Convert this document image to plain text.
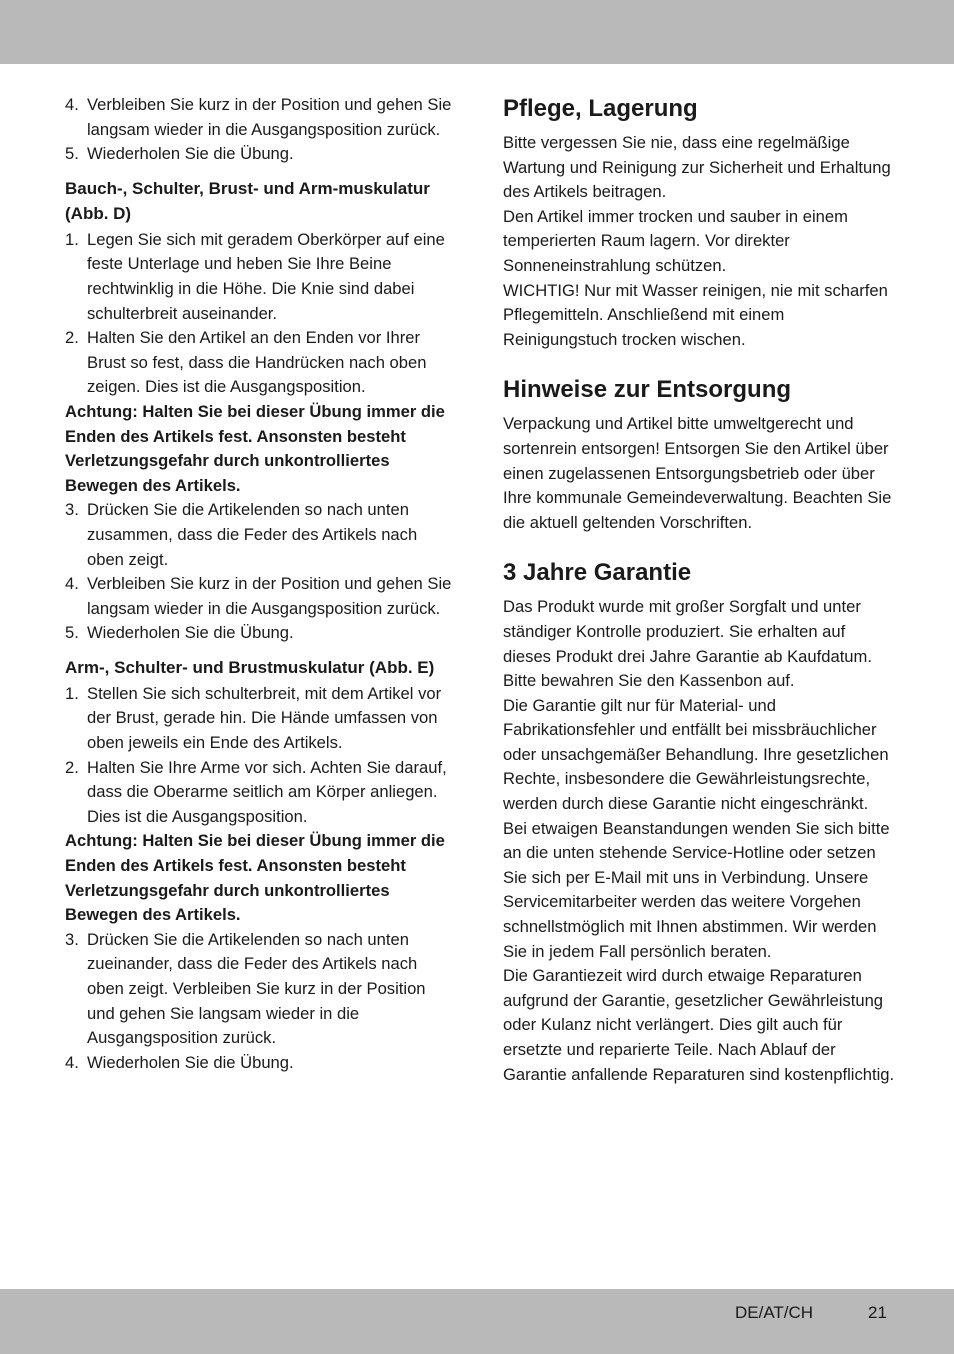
4. Verbleiben Sie kurz in der Position und gehen Sie langsam wieder in die Ausgangsposition zurück.
5. Wiederholen Sie die Übung.
Bauch-, Schulter, Brust- und Arm-muskulatur (Abb. D)
1. Legen Sie sich mit geradem Oberkörper auf eine feste Unterlage und heben Sie Ihre Beine rechtwinklig in die Höhe. Die Knie sind dabei schulterbreit auseinander.
2. Halten Sie den Artikel an den Enden vor Ihrer Brust so fest, dass die Handrücken nach oben zeigen. Dies ist die Ausgangsposition.

Achtung: Halten Sie bei dieser Übung immer die Enden des Artikels fest. Ansonsten besteht Verletzungsgefahr durch unkontrolliertes Bewegen des Artikels.

3. Drücken Sie die Artikelenden so nach unten zusammen, dass die Feder des Artikels nach oben zeigt.
4. Verbleiben Sie kurz in der Position und gehen Sie langsam wieder in die Ausgangsposition zurück.
5. Wiederholen Sie die Übung.
Arm-, Schulter- und Brustmuskulatur (Abb. E)
1. Stellen Sie sich schulterbreit, mit dem Artikel vor der Brust, gerade hin. Die Hände umfassen von oben jeweils ein Ende des Artikels.
2. Halten Sie Ihre Arme vor sich. Achten Sie darauf, dass die Oberarme seitlich am Körper anliegen. Dies ist die Ausgangsposition.

Achtung: Halten Sie bei dieser Übung immer die Enden des Artikels fest. Ansonsten besteht Verletzungsgefahr durch unkontrolliertes Bewegen des Artikels.

3. Drücken Sie die Artikelenden so nach unten zueinander, dass die Feder des Artikels nach oben zeigt. Verbleiben Sie kurz in der Position und gehen Sie langsam wieder in die Ausgangsposition zurück.
4. Wiederholen Sie die Übung.
Pflege, Lagerung

Bitte vergessen Sie nie, dass eine regelmäßige Wartung und Reinigung zur Sicherheit und Erhaltung des Artikels beitragen.

Den Artikel immer trocken und sauber in einem temperierten Raum lagern. Vor direkter Sonneneinstrahlung schützen.

WICHTIG! Nur mit Wasser reinigen, nie mit scharfen Pflegemitteln. Anschließend mit einem Reinigungstuch trocken wischen.

Hinweise zur Entsorgung

Verpackung und Artikel bitte umweltgerecht und sortenrein entsorgen! Entsorgen Sie den Artikel über einen zugelassenen Entsorgungsbetrieb oder über Ihre kommunale Gemeindeverwaltung. Beachten Sie die aktuell geltenden Vorschriften.

3 Jahre Garantie

Das Produkt wurde mit großer Sorgfalt und unter ständiger Kontrolle produziert. Sie erhalten auf dieses Produkt drei Jahre Garantie ab Kaufdatum. Bitte bewahren Sie den Kassenbon auf.

Die Garantie gilt nur für Material- und Fabrikationsfehler und entfällt bei missbräuchlicher oder unsachgemäßer Behandlung. Ihre gesetzlichen Rechte, insbesondere die Gewährleistungsrechte, werden durch diese Garantie nicht eingeschränkt.

Bei etwaigen Beanstandungen wenden Sie sich bitte an die unten stehende Service-Hotline oder setzen Sie sich per E-Mail mit uns in Verbindung. Unsere Servicemitarbeiter werden das weitere Vorgehen schnellstmöglich mit Ihnen abstimmen. Wir werden Sie in jedem Fall persönlich beraten.

Die Garantiezeit wird durch etwaige Reparaturen aufgrund der Garantie, gesetzlicher Gewährleistung oder Kulanz nicht verlängert. Dies gilt auch für ersetzte und reparierte Teile. Nach Ablauf der Garantie anfallende Reparaturen sind kostenpflichtig.

DE/AT/CH	21
